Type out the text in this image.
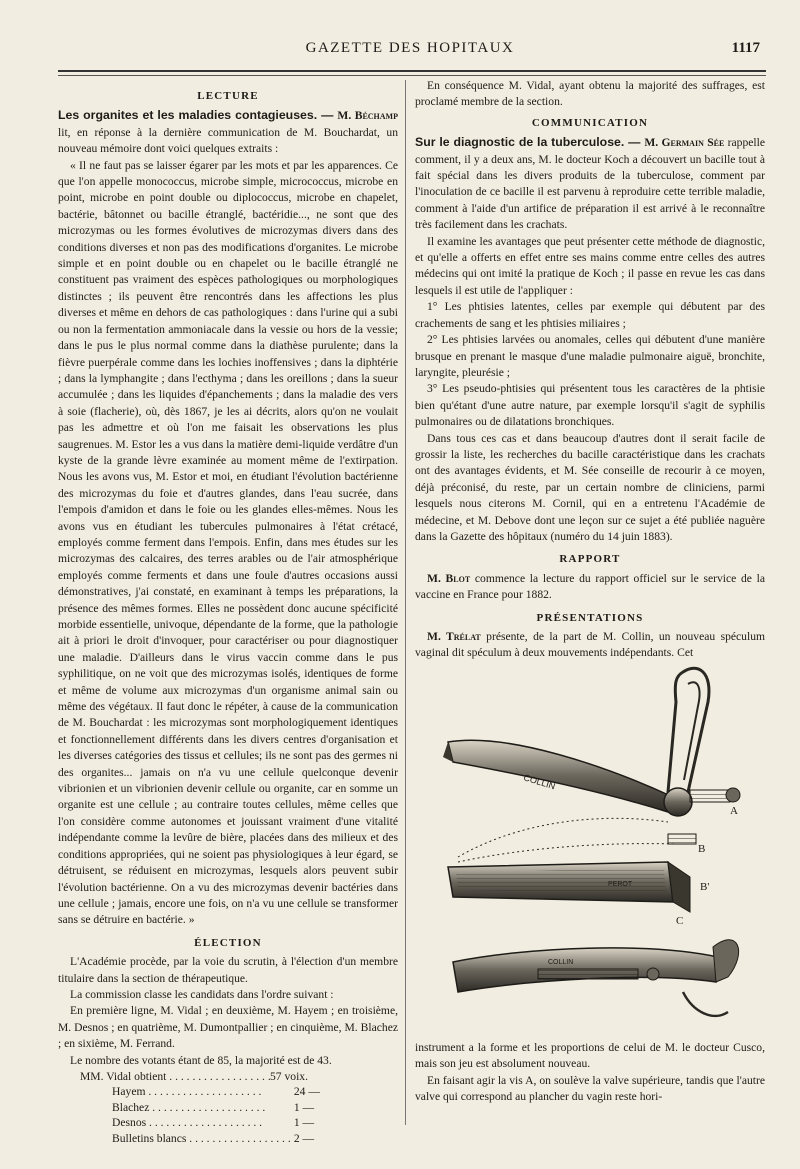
GAZETTE DES HOPITAUX	1117
LECTURE

Les organites et les maladies contagieuses. — M. Béchamp lit, en réponse à la dernière communication de M. Bouchardat, un nouveau mémoire dont voici quelques extraits :

« Il ne faut pas se laisser égarer par les mots et par les apparences. Ce que l'on appelle monococcus, microbe simple, micrococcus, microbe en point, microbe en point double ou diplococcus, microbe en chapelet, bactérie, bâtonnet ou bacille étranglé, bactéridie..., ne sont que des microzymas ou les formes évolutives de microzymas divers dans des conditions diverses et non pas des modifications d'organites. Le microbe simple et en point double ou en chapelet ou le bacille étranglé ne constituent pas vraiment des espèces pathologiques ou morphologiques distinctes ; ils peuvent être rencontrés dans les affections les plus diverses et même en dehors de cas pathologiques : dans l'urine qui a subi ou non la fermentation ammoniacale dans la vessie ou hors de la vessie; dans le pus le plus normal comme dans la diathèse purulente; dans la fièvre puerpérale comme dans les lochies inoffensives ; dans la diphtérie ; dans la lymphangite ; dans l'ecthyma ; dans les oreillons ; dans la sueur accumulée ; dans les liquides d'épanchements ; dans la maladie des vers à soie (flacherie), où, dès 1867, je les ai décrits, alors qu'on ne voulait pas les admettre et où l'on me faisait les observations les plus saugrenues. M. Estor les a vus dans la matière demi-liquide verdâtre d'un kyste de la grande lèvre examinée au moment même de l'extirpation. Nous les avons vus, M. Estor et moi, en étudiant l'évolution bactérienne des microzymas du foie et d'autres glandes, dans l'eau sucrée, dans l'empois d'amidon et dans le foie ou les glandes elles-mêmes. Nous les avons vus en étudiant les tubercules pulmonaires à l'état crétacé, employés comme ferment dans l'empois. Enfin, dans mes études sur les microzymas des calcaires, des terres arables ou de l'air atmosphérique employés comme ferments et dans une foule d'autres occasions aussi démonstratives, j'ai constaté, en examinant à temps les préparations, la présence des mêmes formes. Elles ne possèdent donc aucune spécificité morbide essentielle, univoque, dépendante de la forme, que la pathologie ait à priori le droit d'invoquer, pour caractériser ou pour diagnostiquer une maladie. D'ailleurs dans le virus vaccin comme dans le pus syphilitique, on ne voit que des microzymas isolés, identiques de forme et même de volume aux microzymas d'un organisme animal sain ou même des végétaux. Il faut donc le répéter, à cause de la communication de M. Bouchardat : les microzymas sont morphologiquement identiques et fonctionnellement différents dans les divers centres d'organisation et les diverses catégories des tissus et cellules; ils ne sont pas des germes ni des organites... jamais on n'a vu une cellule quelconque devenir vibrionien et un vibrionien devenir cellule ou organite, car en somme un organite est une cellule ; au contraire toutes cellules, même celles que l'on considère comme autonomes et jouissant vraiment d'une vitalité indépendante comme la levûre de bière, placées dans des milieux et des conditions appropriées, qui ne soient pas physiologiques à leur égard, se détruisent, se réduisent en microzymas, lesquels alors peuvent subir l'évolution bactérienne. On a vu des microzymas devenir bactéries dans une cellule ; jamais, encore une fois, on n'a vu une cellule se transformer sans se détruire en bactérie. »

ÉLECTION

L'Académie procède, par la voie du scrutin, à l'élection d'un membre titulaire dans la section de thérapeutique.

La commission classe les candidats dans l'ordre suivant :

En première ligne, M. Vidal ; en deuxième, M. Hayem ; en troisième, M. Desnos ; en quatrième, M. Dumontpallier ; en cinquième, M. Blachez ; en sixième, M. Ferrand.

Le nombre des votants étant de 85, la majorité est de 43.

MM. Vidal obtient . . .	57 voix.
Hayem . . .	24 —
Blachez . . .	1 —
Desnos . . .	1 —
Bulletins blancs . . .	2 —

En conséquence M. Vidal, ayant obtenu la majorité des suffrages, est proclamé membre de la section.

COMMUNICATION

Sur le diagnostic de la tuberculose. — M. Germain Sée rappelle comment, il y a deux ans, M. le docteur Koch a découvert un bacille tout à fait spécial dans les divers produits de la tuberculose, comment par l'inoculation de ce bacille il est parvenu à reproduire cette terrible maladie, comment à l'aide d'un artifice de préparation il est arrivé à le reconnaître très facilement dans les crachats.

Il examine les avantages que peut présenter cette méthode de diagnostic, et qu'elle a offerts en effet entre ses mains comme entre celles des autres médecins qui ont imité la pratique de Koch ; il passe en revue les cas dans lesquels il est utile de l'appliquer :

1° Les phtisies latentes, celles par exemple qui débutent par des crachements de sang et les phtisies miliaires ;

2° Les phtisies larvées ou anomales, celles qui débutent d'une manière brusque en prenant le masque d'une maladie pulmonaire aiguë, bronchite, laryngite, pleurésie ;

3° Les pseudo-phtisies qui présentent tous les caractères de la phtisie bien qu'étant d'une autre nature, par exemple lorsqu'il s'agit de syphilis pulmonaires ou de dilatations bronchiques.

Dans tous ces cas et dans beaucoup d'autres dont il serait facile de grossir la liste, les recherches du bacille caractéristique dans les crachats ont des avantages évidents, et M. Sée conseille de recourir à ce moyen, déjà préconisé, du reste, par un certain nombre de cliniciens, parmi lesquels nous citerons M. Cornil, qui en a entretenu l'Académie de médecine, et M. Debove dont une leçon sur ce sujet a été publiée naguère dans la Gazette des hôpitaux (numéro du 14 juin 1883).

RAPPORT

M. Blot commence la lecture du rapport officiel sur le service de la vaccine en France pour 1882.

PRÉSENTATIONS

M. Trélat présente, de la part de M. Collin, un nouveau spéculum vaginal dit spéculum à deux mouvements indépendants. Cet

COLLIN
A
B
PEROT	B'
C
COLLIN

instrument a la forme et les proportions de celui de M. le docteur Cusco, mais son jeu est absolument nouveau.

En faisant agir la vis A, on soulève la valve supérieure, tandis que l'autre valve qui correspond au plancher du vagin reste hori-
